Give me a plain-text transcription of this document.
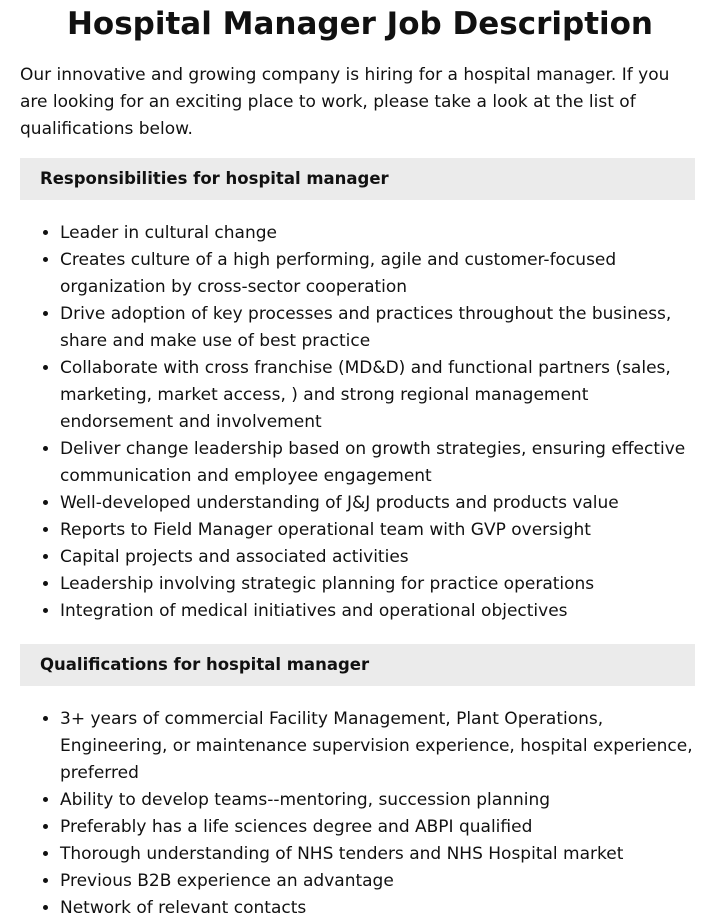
Hospital Manager Job Description

Our innovative and growing company is hiring for a hospital manager. If you are looking for an exciting place to work, please take a look at the list of qualifications below.

Responsibilities for hospital manager
• Leader in cultural change
• Creates culture of a high performing, agile and customer-focused organization by cross-sector cooperation
• Drive adoption of key processes and practices throughout the business, share and make use of best practice
• Collaborate with cross franchise (MD&D) and functional partners (sales, marketing, market access, ) and strong regional management endorsement and involvement
• Deliver change leadership based on growth strategies, ensuring effective communication and employee engagement
• Well-developed understanding of J&J products and products value
• Reports to Field Manager operational team with GVP oversight
• Capital projects and associated activities
• Leadership involving strategic planning for practice operations
• Integration of medical initiatives and operational objectives
Qualifications for hospital manager
• 3+ years of commercial Facility Management, Plant Operations, Engineering, or maintenance supervision experience, hospital experience, preferred
• Ability to develop teams--mentoring, succession planning
• Preferably has a life sciences degree and ABPI qualified
• Thorough understanding of NHS tenders and NHS Hospital market
• Previous B2B experience an advantage
• Network of relevant contacts
